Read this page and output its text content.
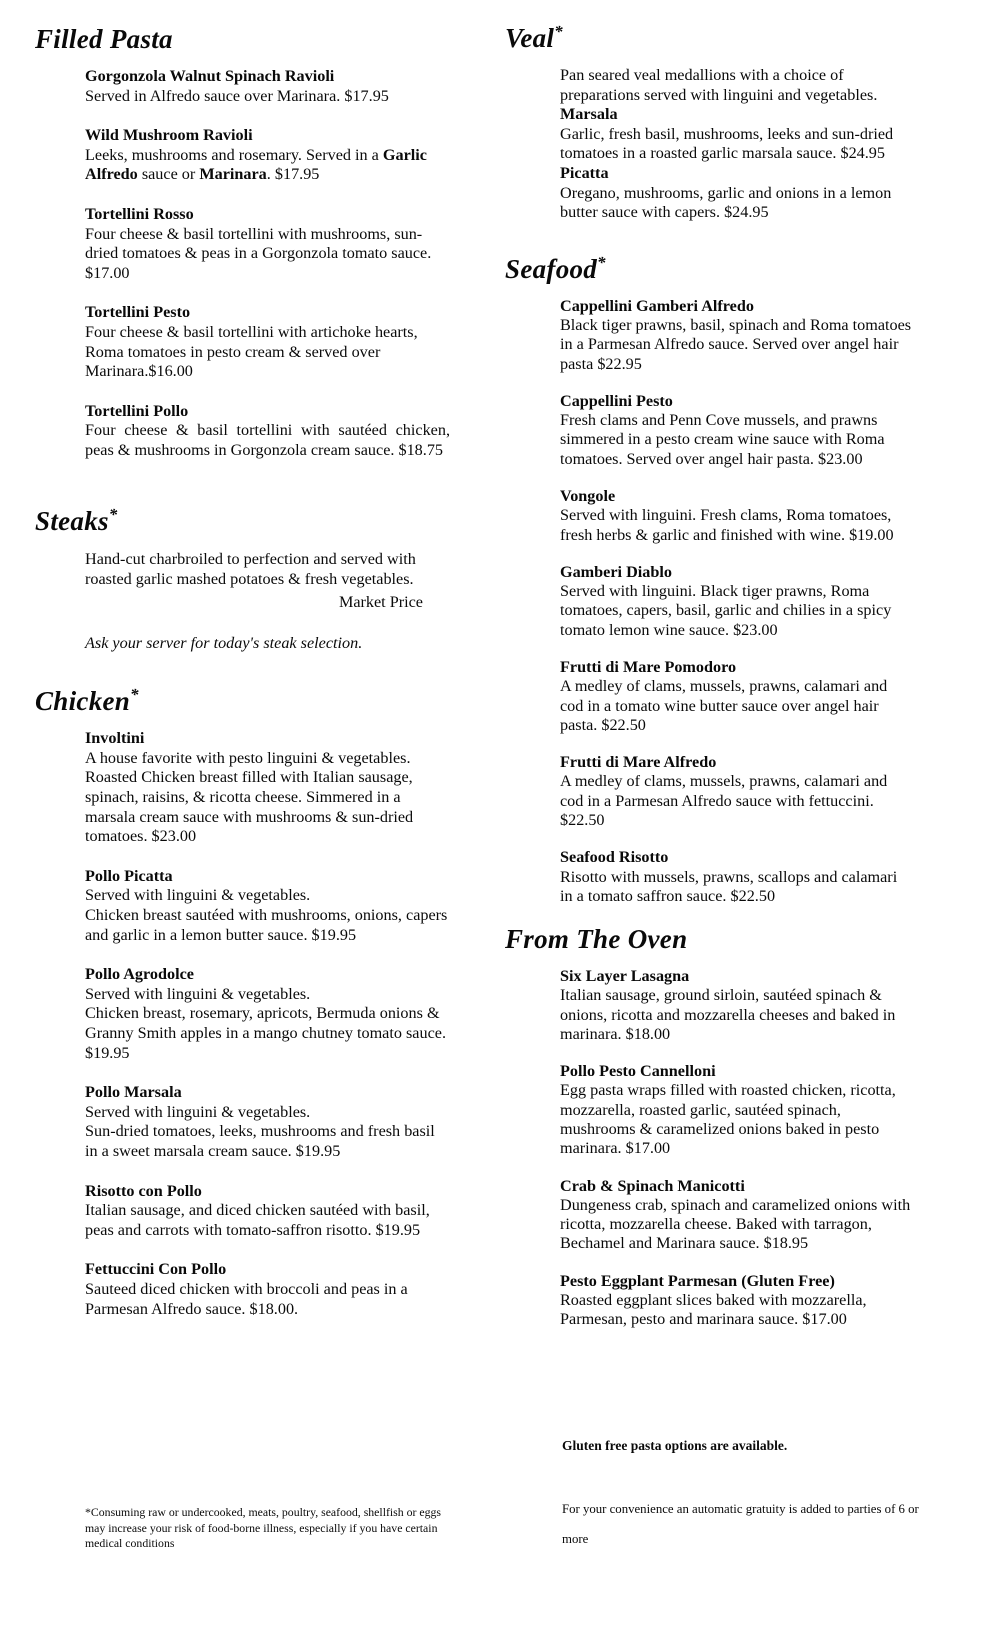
Filled Pasta
Gorgonzola Walnut Spinach Ravioli
Served in Alfredo sauce over Marinara. $17.95
Wild Mushroom Ravioli
Leeks, mushrooms and rosemary. Served in a Garlic Alfredo sauce or Marinara. $17.95
Tortellini Rosso
Four cheese & basil tortellini with mushrooms, sun-dried tomatoes & peas in a Gorgonzola tomato sauce. $17.00
Tortellini Pesto
Four cheese & basil tortellini with artichoke hearts, Roma tomatoes in pesto cream & served over Marinara.$16.00
Tortellini Pollo
Four cheese & basil tortellini with sautéed chicken, peas & mushrooms in Gorgonzola cream sauce. $18.75
Steaks*
Hand-cut charbroiled to perfection and served with roasted garlic mashed potatoes & fresh vegetables.
Market Price
Ask your server for today's steak selection.
Chicken*
Involtini
A house favorite with pesto linguini & vegetables. Roasted Chicken breast filled with Italian sausage, spinach, raisins, & ricotta cheese. Simmered in a marsala cream sauce with mushrooms & sun-dried tomatoes. $23.00
Pollo Picatta
Served with linguini & vegetables.
Chicken breast sautéed with mushrooms, onions, capers and garlic in a lemon butter sauce. $19.95
Pollo Agrodolce
Served with linguini & vegetables.
Chicken breast, rosemary, apricots, Bermuda onions & Granny Smith apples in a mango chutney tomato sauce. $19.95
Pollo Marsala
Served with linguini & vegetables.
Sun-dried tomatoes, leeks, mushrooms and fresh basil in a sweet marsala cream sauce. $19.95
Risotto con Pollo
Italian sausage, and diced chicken sautéed with basil, peas and carrots with tomato-saffron risotto. $19.95
Fettuccini Con Pollo
Sauteed diced chicken with broccoli and peas in a Parmesan Alfredo sauce. $18.00.
Veal*
Pan seared veal medallions with a choice of preparations served with linguini and vegetables. Marsala
Garlic, fresh basil, mushrooms, leeks and sun-dried tomatoes in a roasted garlic marsala sauce. $24.95
Picatta
Oregano, mushrooms, garlic and onions in a lemon butter sauce with capers. $24.95
Seafood*
Cappellini Gamberi Alfredo
Black tiger prawns, basil, spinach and Roma tomatoes in a Parmesan Alfredo sauce. Served over angel hair pasta $22.95
Cappellini Pesto
Fresh clams and Penn Cove mussels, and prawns simmered in a pesto cream wine sauce with Roma tomatoes. Served over angel hair pasta. $23.00
Vongole
Served with linguini. Fresh clams, Roma tomatoes, fresh herbs & garlic and finished with wine. $19.00
Gamberi Diablo
Served with linguini. Black tiger prawns, Roma tomatoes, capers, basil, garlic and chilies in a spicy tomato lemon wine sauce. $23.00
Frutti di Mare Pomodoro
A medley of clams, mussels, prawns, calamari and cod in a tomato wine butter sauce over angel hair pasta. $22.50
Frutti di Mare Alfredo
A medley of clams, mussels, prawns, calamari and cod in a Parmesan Alfredo sauce with fettuccini. $22.50
Seafood Risotto
Risotto with mussels, prawns, scallops and calamari in a tomato saffron sauce. $22.50
From The Oven
Six Layer Lasagna
Italian sausage, ground sirloin, sautéed spinach & onions, ricotta and mozzarella cheeses and baked in marinara. $18.00
Pollo Pesto Cannelloni
Egg pasta wraps filled with roasted chicken, ricotta, mozzarella, roasted garlic, sautéed spinach, mushrooms & caramelized onions baked in pesto marinara. $17.00
Crab & Spinach Manicotti
Dungeness crab, spinach and caramelized onions with ricotta, mozzarella cheese. Baked with tarragon, Bechamel and Marinara sauce. $18.95
Pesto Eggplant Parmesan (Gluten Free)
Roasted eggplant slices baked with mozzarella, Parmesan, pesto and marinara sauce. $17.00
Gluten free pasta options are available.
*Consuming raw or undercooked, meats, poultry, seafood, shellfish or eggs may increase your risk of food-borne illness, especially if you have certain medical conditions
For your convenience an automatic gratuity is added to parties of 6 or more
